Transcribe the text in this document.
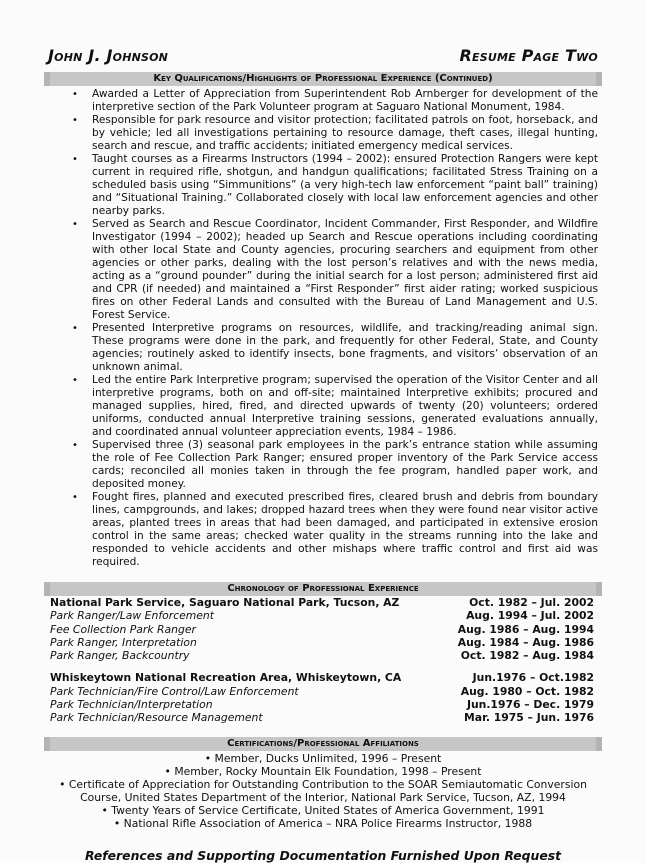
John J. Johnson	Resume Page Two
Key Qualifications/Highlights of Professional Experience (Continued)
• Awarded a Letter of Appreciation from Superintendent Rob Arnberger for development of the interpretive section of the Park Volunteer program at Saguaro National Monument, 1984.
• Responsible for park resource and visitor protection; facilitated patrols on foot, horseback, and by vehicle; led all investigations pertaining to resource damage, theft cases, illegal hunting, search and rescue, and traffic accidents; initiated emergency medical services.
• Taught courses as a Firearms Instructors (1994 – 2002): ensured Protection Rangers were kept current in required rifle, shotgun, and handgun qualifications; facilitated Stress Training on a scheduled basis using “Simmunitions” (a very high-tech law enforcement “paint ball” training) and “Situational Training.” Collaborated closely with local law enforcement agencies and other nearby parks.
• Served as Search and Rescue Coordinator, Incident Commander, First Responder, and Wildfire Investigator (1994 – 2002); headed up Search and Rescue operations including coordinating with other local State and County agencies, procuring searchers and equipment from other agencies or other parks, dealing with the lost person’s relatives and with the news media, acting as a “ground pounder” during the initial search for a lost person; administered first aid and CPR (if needed) and maintained a “First Responder” first aider rating; worked suspicious fires on other Federal Lands and consulted with the Bureau of Land Management and U.S. Forest Service.
• Presented Interpretive programs on resources, wildlife, and tracking/reading animal sign. These programs were done in the park, and frequently for other Federal, State, and County agencies; routinely asked to identify insects, bone fragments, and visitors’ observation of an unknown animal.
• Led the entire Park Interpretive program; supervised the operation of the Visitor Center and all interpretive programs, both on and off-site; maintained Interpretive exhibits; procured and managed supplies, hired, fired, and directed upwards of twenty (20) volunteers; ordered uniforms, conducted annual Interpretive training sessions, generated evaluations annually, and coordinated annual volunteer appreciation events, 1984 – 1986.
• Supervised three (3) seasonal park employees in the park’s entrance station while assuming the role of Fee Collection Park Ranger; ensured proper inventory of the Park Service access cards; reconciled all monies taken in through the fee program, handled paper work, and deposited money.
• Fought fires, planned and executed prescribed fires, cleared brush and debris from boundary lines, campgrounds, and lakes; dropped hazard trees when they were found near visitor active areas, planted trees in areas that had been damaged, and participated in extensive erosion control in the same areas; checked water quality in the streams running into the lake and responded to vehicle accidents and other mishaps where traffic control and first aid was required.
Chronology of Professional Experience
National Park Service, Saguaro National Park, Tucson, AZ	Oct. 1982 – Jul. 2002
Park Ranger/Law Enforcement	Aug. 1994 – Jul. 2002
Fee Collection Park Ranger	Aug. 1986 – Aug. 1994
Park Ranger, Interpretation	Aug. 1984 – Aug. 1986
Park Ranger, Backcountry	Oct. 1982 – Aug. 1984
Whiskeytown National Recreation Area, Whiskeytown, CA	Jun.1976 – Oct.1982
Park Technician/Fire Control/Law Enforcement	Aug. 1980 – Oct. 1982
Park Technician/Interpretation	Jun.1976 – Dec. 1979
Park Technician/Resource Management	Mar. 1975 – Jun. 1976
Certifications/Professional Affiliations
• Member, Ducks Unlimited, 1996 – Present
• Member, Rocky Mountain Elk Foundation, 1998 – Present
• Certificate of Appreciation for Outstanding Contribution to the SOAR Semiautomatic Conversion Course, United States Department of the Interior, National Park Service, Tucson, AZ, 1994
• Twenty Years of Service Certificate, United States of America Government, 1991
• National Rifle Association of America – NRA Police Firearms Instructor, 1988
References and Supporting Documentation Furnished Upon Request
